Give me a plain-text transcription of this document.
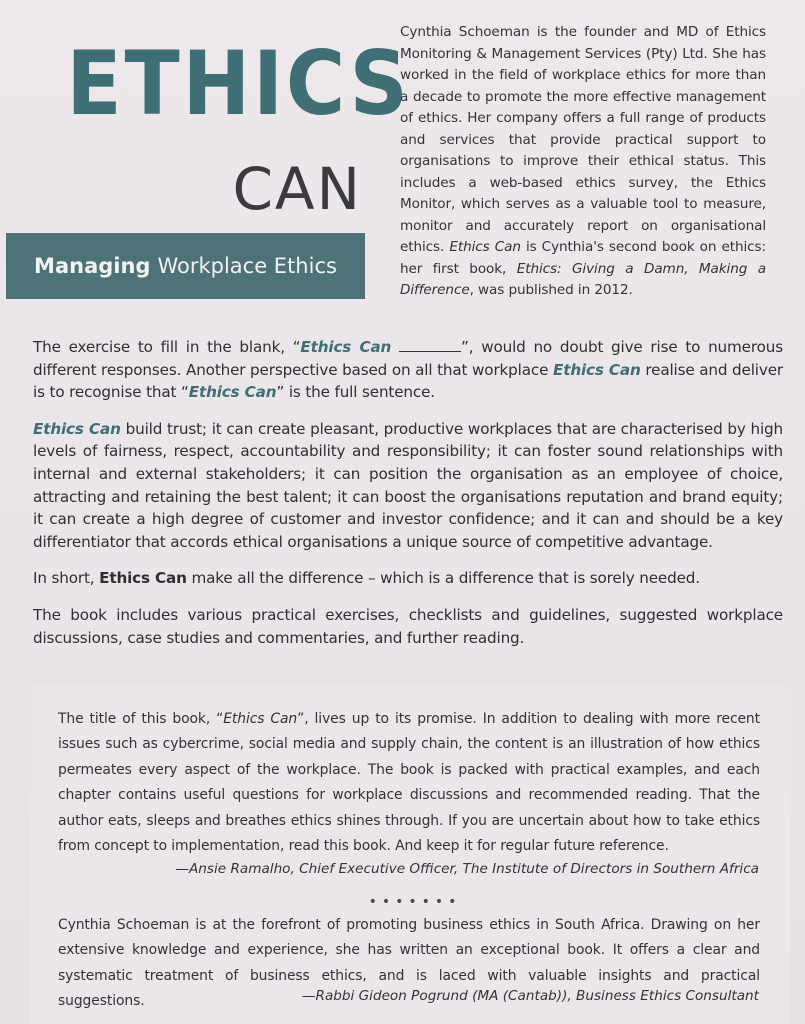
ETHICS
CAN
Managing Workplace Ethics

Cynthia Schoeman is the founder and MD of Ethics Monitoring & Management Services (Pty) Ltd. She has worked in the field of workplace ethics for more than a decade to promote the more effective management of ethics. Her company offers a full range of products and services that provide practical support to organisations to improve their ethical status. This includes a web-based ethics survey, the Ethics Monitor, which serves as a valuable tool to measure, monitor and accurately report on organisational ethics. Ethics Can is Cynthia's second book on ethics: her first book, Ethics: Giving a Damn, Making a Difference, was published in 2012.

The exercise to fill in the blank, “Ethics Can	”, would no doubt give rise to numerous different responses. Another perspective based on all that workplace Ethics Can realise and deliver is to recognise that “Ethics Can” is the full sentence.

Ethics Can build trust; it can create pleasant, productive workplaces that are characterised by high levels of fairness, respect, accountability and responsibility; it can foster sound relationships with internal and external stakeholders; it can position the organisation as an employee of choice, attracting and retaining the best talent; it can boost the organisations reputation and brand equity; it can create a high degree of customer and investor confidence; and it can and should be a key differentiator that accords ethical organisations a unique source of competitive advantage.

In short, Ethics Can make all the difference – which is a difference that is sorely needed.

The book includes various practical exercises, checklists and guidelines, suggested workplace discussions, case studies and commentaries, and further reading.

The title of this book, “Ethics Can”, lives up to its promise. In addition to dealing with more recent issues such as cybercrime, social media and supply chain, the content is an illustration of how ethics permeates every aspect of the workplace. The book is packed with practical examples, and each chapter contains useful questions for workplace discussions and recommended reading. That the author eats, sleeps and breathes ethics shines through. If you are uncertain about how to take ethics from concept to implementation, read this book. And keep it for regular future reference.

—Ansie Ramalho, Chief Executive Officer, The Institute of Directors in Southern Africa
•••••••

Cynthia Schoeman is at the forefront of promoting business ethics in South Africa. Drawing on her extensive knowledge and experience, she has written an exceptional book. It offers a clear and systematic treatment of business ethics, and is laced with valuable insights and practical suggestions.	—Rabbi Gideon Pogrund (MA (Cantab)), Business Ethics Consultant
